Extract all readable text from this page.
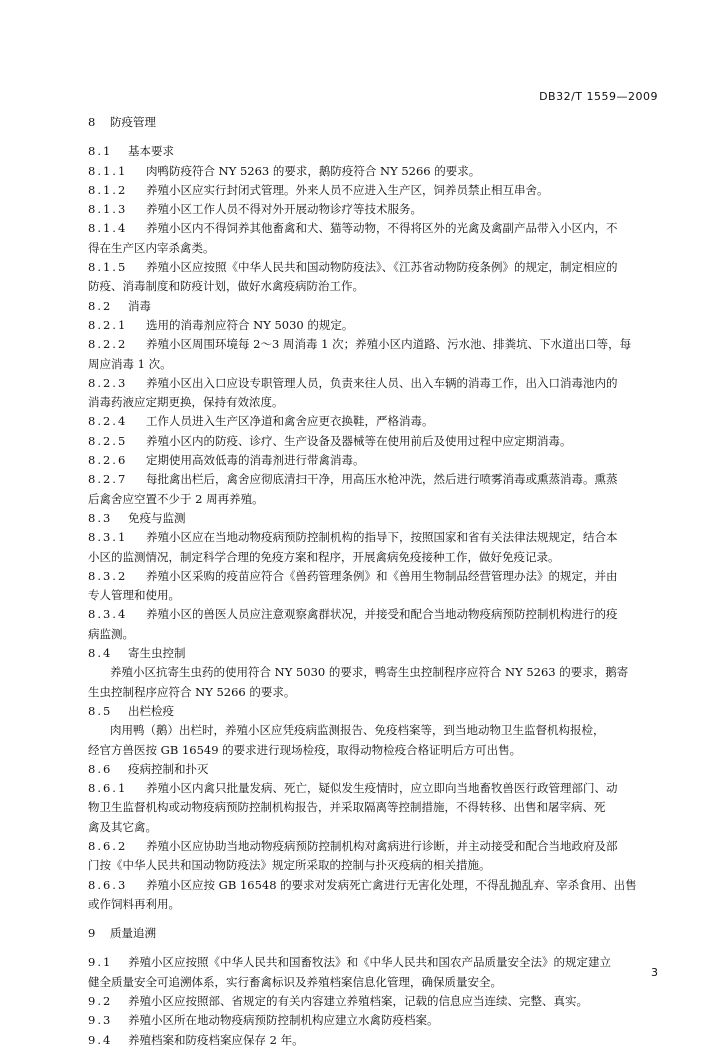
DB32/T 1559—2009
8 防疫管理
8.1 基本要求
8.1.1 肉鸭防疫符合 NY 5263 的要求，鹅防疫符合 NY 5266 的要求。
8.1.2 养殖小区应实行封闭式管理。外来人员不应进入生产区，饲养员禁止相互串舍。
8.1.3 养殖小区工作人员不得对外开展动物诊疗等技术服务。
8.1.4 养殖小区内不得饲养其他畜禽和犬、猫等动物，不得将区外的光禽及禽副产品带入小区内，不
得在生产区内宰杀禽类。
8.1.5 养殖小区应按照《中华人民共和国动物防疫法》、《江苏省动物防疫条例》的规定，制定相应的
防疫、消毒制度和防疫计划，做好水禽疫病防治工作。
8.2 消毒
8.2.1 选用的消毒剂应符合 NY 5030 的规定。
8.2.2 养殖小区周围环境每 2～3 周消毒 1 次；养殖小区内道路、污水池、排粪坑、下水道出口等，每
周应消毒 1 次。
8.2.3 养殖小区出入口应设专职管理人员，负责来往人员、出入车辆的消毒工作，出入口消毒池内的
消毒药液应定期更换，保持有效浓度。
8.2.4 工作人员进入生产区净道和禽舍应更衣换鞋，严格消毒。
8.2.5 养殖小区内的防疫、诊疗、生产设备及器械等在使用前后及使用过程中应定期消毒。
8.2.6 定期使用高效低毒的消毒剂进行带禽消毒。
8.2.7 每批禽出栏后，禽舍应彻底清扫干净，用高压水枪冲洗，然后进行喷雾消毒或熏蒸消毒。熏蒸
后禽舍应空置不少于 2 周再养殖。
8.3 免疫与监测
8.3.1 养殖小区应在当地动物疫病预防控制机构的指导下，按照国家和省有关法律法规规定，结合本
小区的监测情况，制定科学合理的免疫方案和程序，开展禽病免疫接种工作，做好免疫记录。
8.3.2 养殖小区采购的疫苗应符合《兽药管理条例》和《兽用生物制品经营管理办法》的规定，并由
专人管理和使用。
8.3.4 养殖小区的兽医人员应注意观察禽群状况，并接受和配合当地动物疫病预防控制机构进行的疫
病监测。
8.4 寄生虫控制
养殖小区抗寄生虫药的使用符合 NY 5030 的要求，鸭寄生虫控制程序应符合 NY 5263 的要求，鹅寄
生虫控制程序应符合 NY 5266 的要求。
8.5 出栏检疫
肉用鸭（鹅）出栏时，养殖小区应凭疫病监测报告、免疫档案等，到当地动物卫生监督机构报检，
经官方兽医按 GB 16549 的要求进行现场检疫，取得动物检疫合格证明后方可出售。
8.6 疫病控制和扑灭
8.6.1 养殖小区内禽只批量发病、死亡，疑似发生疫情时，应立即向当地畜牧兽医行政管理部门、动
物卫生监督机构或动物疫病预防控制机构报告，并采取隔离等控制措施，不得转移、出售和屠宰病、死
禽及其它禽。
8.6.2 养殖小区应协助当地动物疫病预防控制机构对禽病进行诊断，并主动接受和配合当地政府及部
门按《中华人民共和国动物防疫法》规定所采取的控制与扑灭疫病的相关措施。
8.6.3 养殖小区应按 GB 16548 的要求对发病死亡禽进行无害化处理，不得乱抛乱弃、宰杀食用、出售
或作饲料再利用。
9 质量追溯
9.1 养殖小区应按照《中华人民共和国畜牧法》和《中华人民共和国农产品质量安全法》的规定建立
健全质量安全可追溯体系，实行畜禽标识及养殖档案信息化管理，确保质量安全。
9.2 养殖小区应按照部、省规定的有关内容建立养殖档案，记载的信息应当连续、完整、真实。
9.3 养殖小区所在地动物疫病预防控制机构应建立水禽防疫档案。
9.4 养殖档案和防疫档案应保存 2 年。
3
